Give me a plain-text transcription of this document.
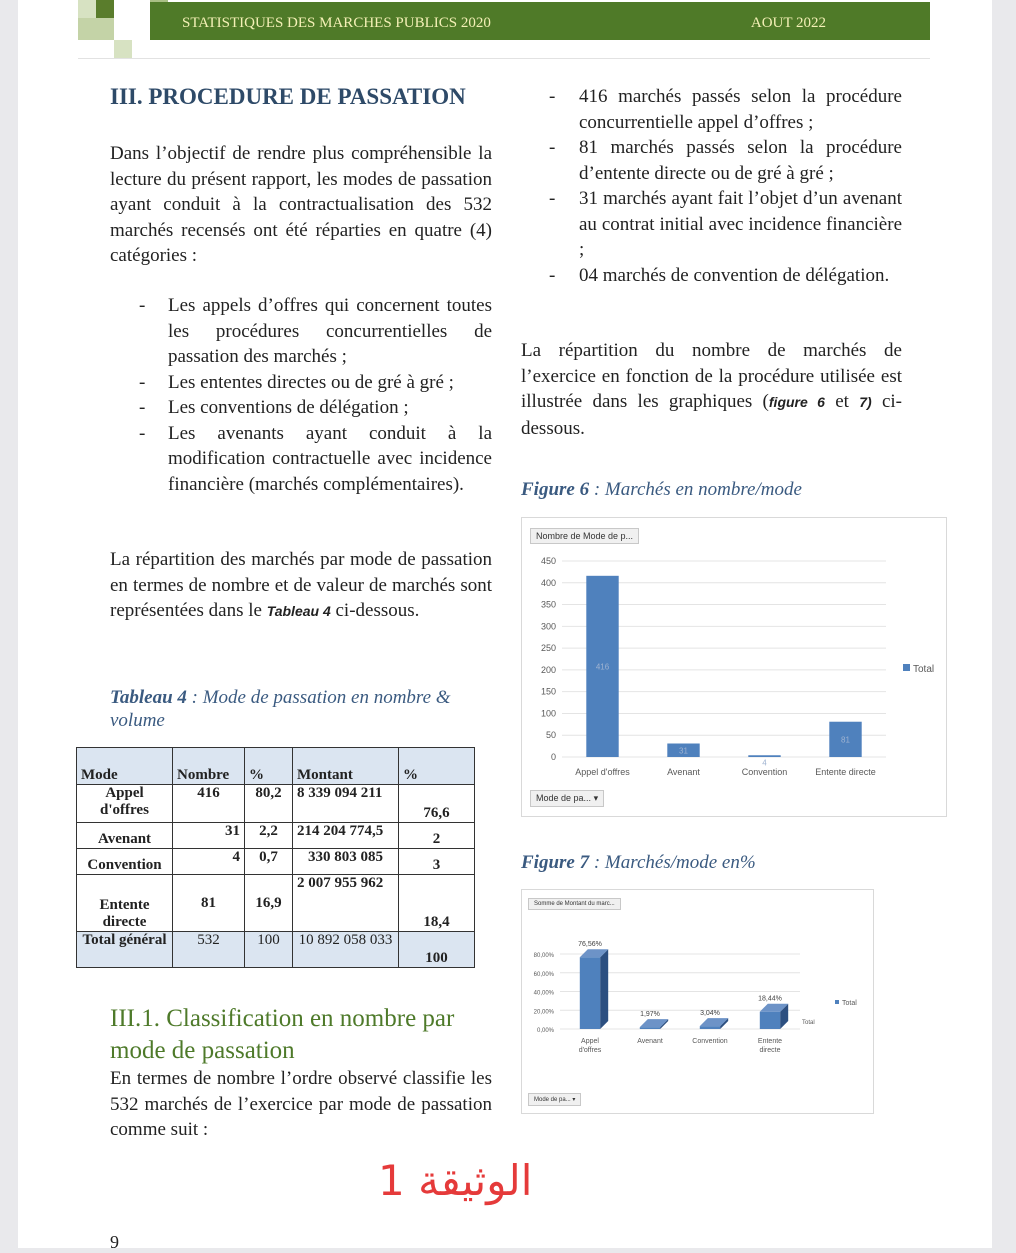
STATISTIQUES DES MARCHES PUBLICS 2020	AOUT 2022
III. PROCEDURE DE PASSATION

Dans l’objectif de rendre plus compréhensible la lecture du présent rapport, les modes de passation ayant conduit à la contractualisation des 532 marchés recensés ont été réparties en quatre (4) catégories :

- Les appels d’offres qui concernent toutes les procédures concurrentielles de passation des marchés ;
- Les ententes directes ou de gré à gré ;
- Les conventions de délégation ;
- Les avenants ayant conduit à la modification contractuelle avec incidence financière (marchés complémentaires).

La répartition des marchés par mode de passation en termes de nombre et de valeur de marchés sont représentées dans le Tableau 4 ci-dessous.

Tableau 4 : Mode de passation en nombre & volume
Mode	Nombre	%	Montant	%
Appel d'offres	416	80,2	8 339 094 211	76,6
Avenant	31	2,2	214 204 774,5	2
Convention	4	0,7	330 803 085	3
Entente directe	81	16,9	2 007 955 962	18,4
Total général	532	100	10 892 058 033	100
III.1. Classification en nombre par mode de passation

En termes de nombre l’ordre observé classifie les 532 marchés de l’exercice par mode de passation comme suit :

- 416 marchés passés selon la procédure concurrentielle appel d’offres ;
- 81 marchés passés selon la procédure d’entente directe ou de gré à gré ;
- 31 marchés ayant fait l’objet d’un avenant au contrat initial avec incidence financière ;
- 04 marchés de convention de délégation.

La répartition du nombre de marchés de l’exercice en fonction de la procédure utilisée est illustrée dans les graphiques (figure 6 et 7) ci-dessous.

Figure 6 : Marchés en nombre/mode
Nombre de Mode de p...
0
50
100
150
200
250
300
350
400
450
416
Appel d'offres
31
Avenant
4
Convention
81
Entente directe
Total
Mode de pa... ▾
Figure 7 : Marchés/mode en%
Somme de Montant du marc...
0,00%
20,00%
40,00%
60,00%
80,00%
76,56%
Appel
d'offres
1,97%
Avenant
3,04%
Convention
18,44%
Entente
directe
Total
Total
Mode de pa... ▾
الوثيقة 1
9
